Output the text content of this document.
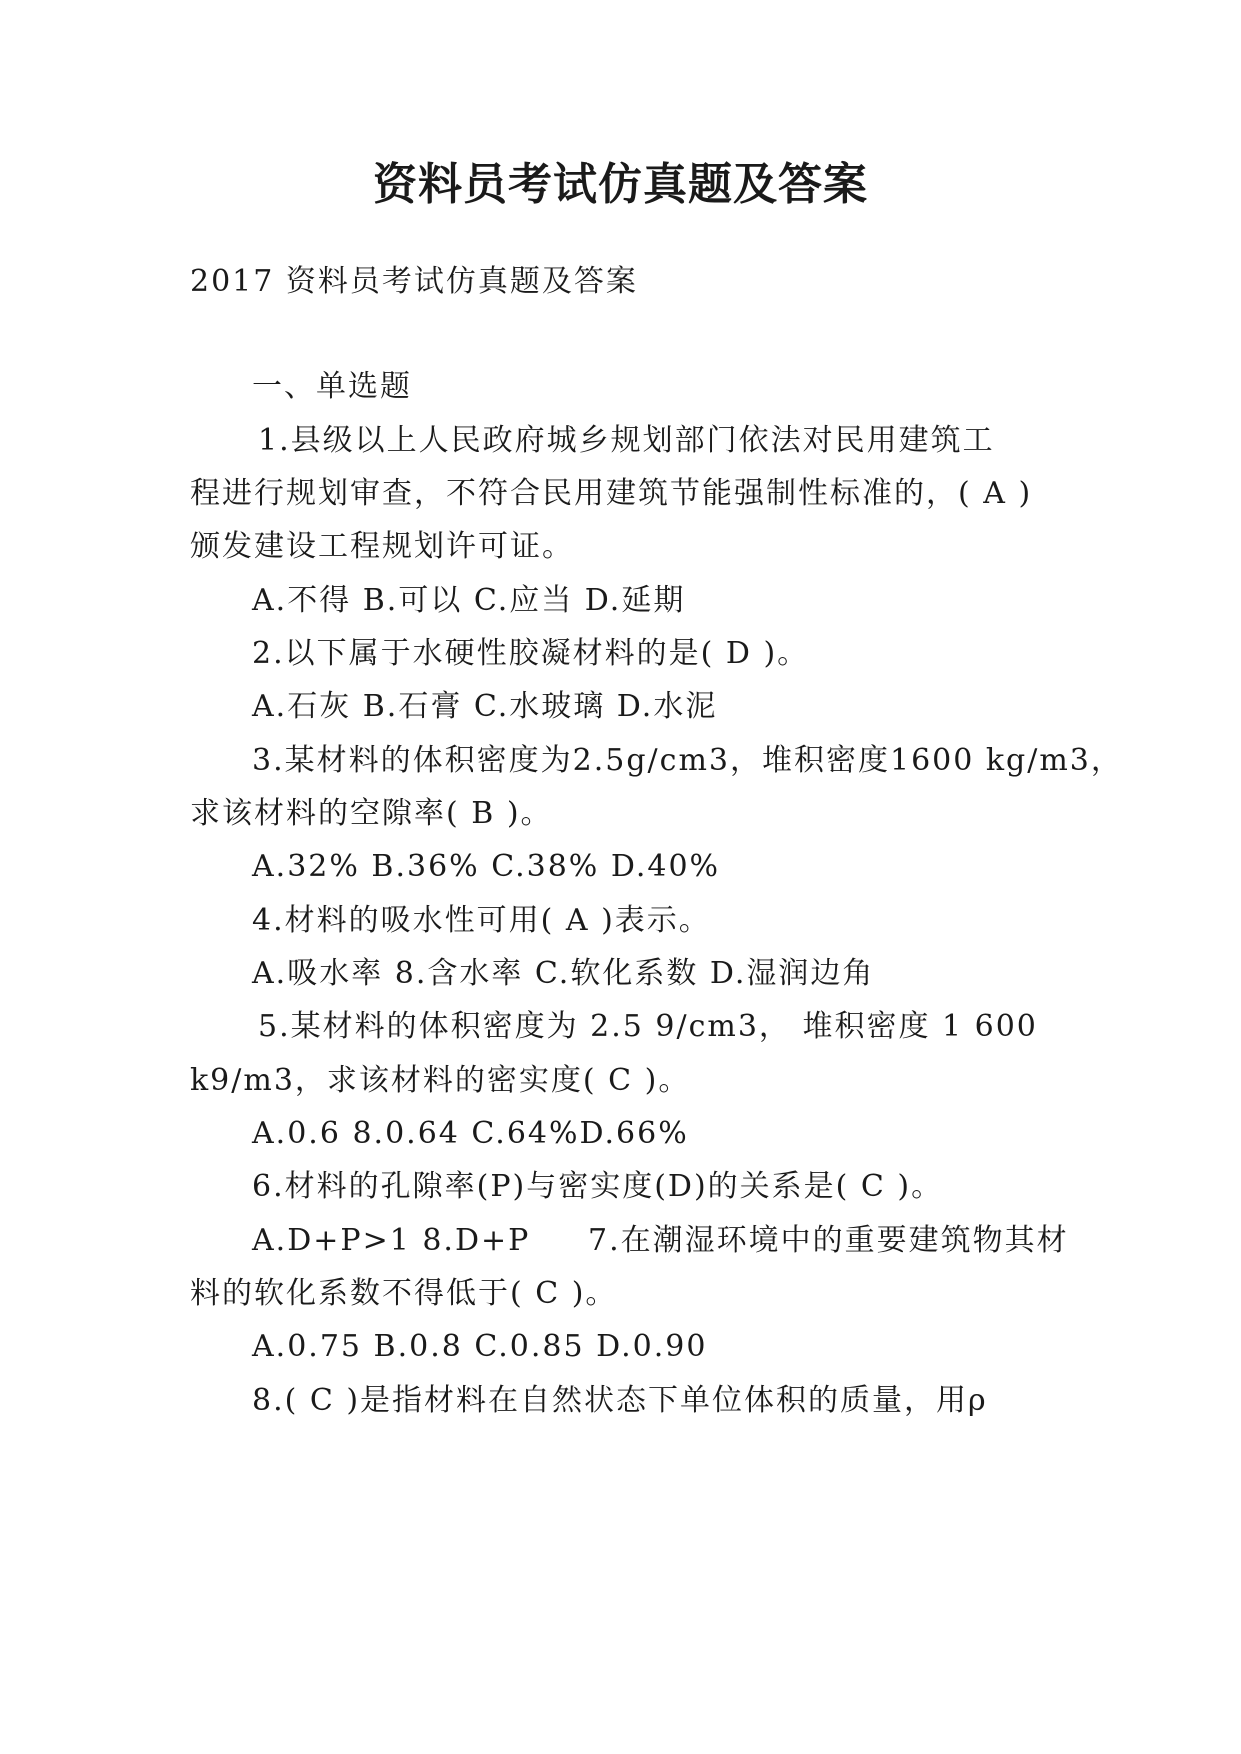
资料员考试仿真题及答案
2017 资料员考试仿真题及答案
一、单选题
1.县级以上人民政府城乡规划部门依法对民用建筑工
程进行规划审查，不符合民用建筑节能强制性标准的，( A )
颁发建设工程规划许可证。
A.不得 B.可以 C.应当 D.延期
2.以下属于水硬性胶凝材料的是( D )。
A.石灰 B.石膏 C.水玻璃 D.水泥
3.某材料的体积密度为2.5g/cm3，堆积密度1600 kg/m3，
求该材料的空隙率( B )。
A.32% B.36% C.38% D.40%
4.材料的吸水性可用( A )表示。
A.吸水率 8.含水率 C.软化系数 D.湿润边角
5.某材料的体积密度为 2.5 9/cm3， 堆积密度 1 600
k9/m3，求该材料的密实度( C )。
A.0.6 8.0.64 C.64%D.66%
6.材料的孔隙率(P)与密实度(D)的关系是( C )。
A.D+P>1 8.D+P     7.在潮湿环境中的重要建筑物其材
料的软化系数不得低于( C )。
A.0.75 B.0.8 C.0.85 D.0.90
8.( C )是指材料在自然状态下单位体积的质量，用ρ
